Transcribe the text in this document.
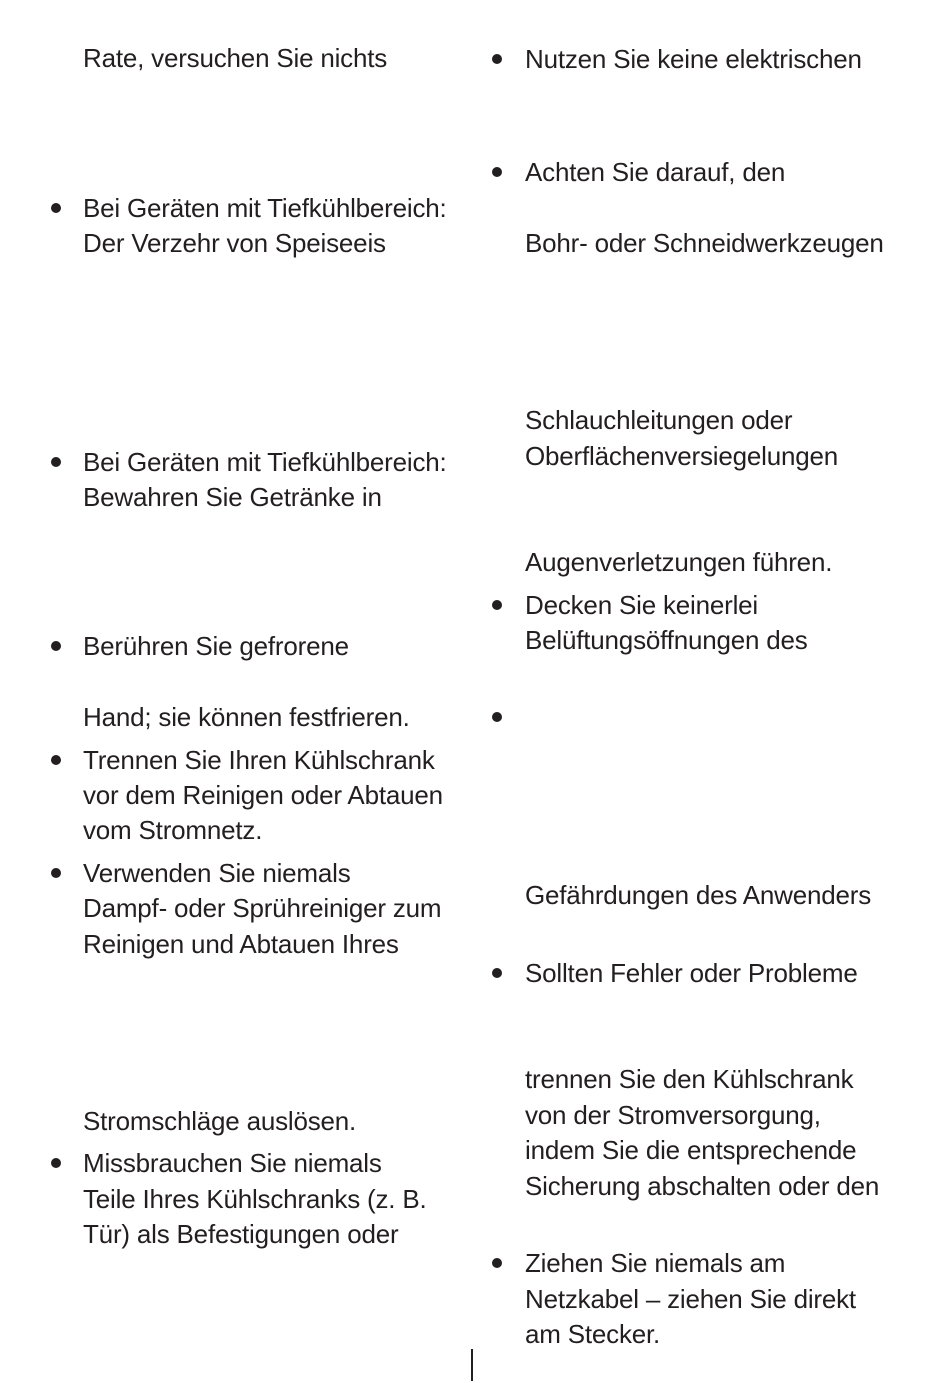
Rate, versuchen Sie nichts
Bei Geräten mit Tiefkühlbereich:
Der Verzehr von Speiseeis
Bei Geräten mit Tiefkühlbereich:
Bewahren Sie Getränke in
Berühren Sie gefrorene
Hand; sie können festfrieren.
Trennen Sie Ihren Kühlschrank
vor dem Reinigen oder Abtauen
vom Stromnetz.
Verwenden Sie niemals
Dampf- oder Sprühreiniger zum
Reinigen und Abtauen Ihres
Stromschläge auslösen.
Missbrauchen Sie niemals
Teile Ihres Kühlschranks (z. B.
Tür) als Befestigungen oder
Nutzen Sie keine elektrischen
Achten Sie darauf, den
Bohr- oder Schneidwerkzeugen
Schlauchleitungen oder
Oberflächenversiegelungen
Augenverletzungen führen.
Decken Sie keinerlei
Belüftungsöffnungen des
Gefährdungen des Anwenders
Sollten Fehler oder Probleme
trennen Sie den Kühlschrank
von der Stromversorgung,
indem Sie die entsprechende
Sicherung abschalten oder den
Ziehen Sie niemals am
Netzkabel – ziehen Sie direkt
am Stecker.
